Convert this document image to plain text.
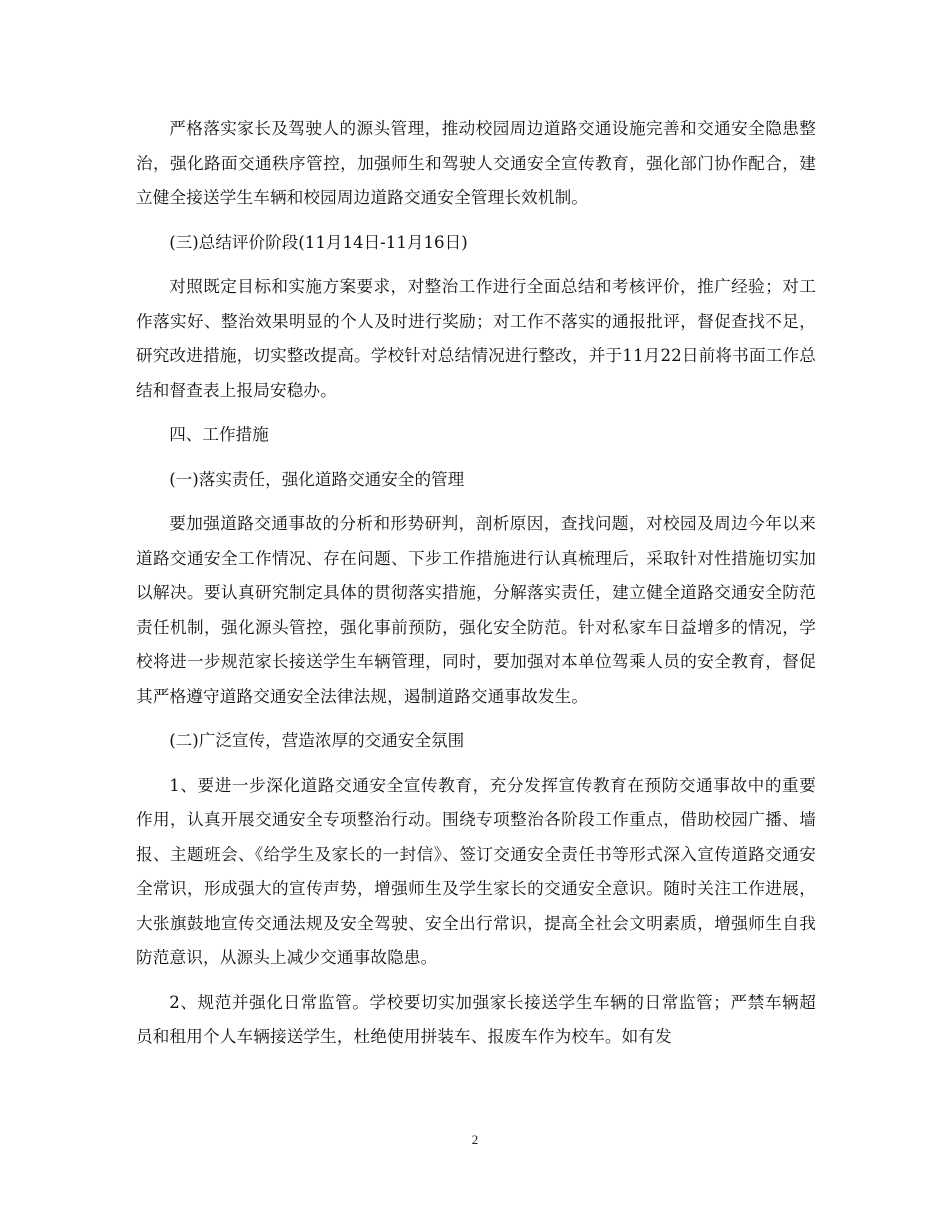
严格落实家长及驾驶人的源头管理，推动校园周边道路交通设施完善和交通安全隐患整治，强化路面交通秩序管控，加强师生和驾驶人交通安全宣传教育，强化部门协作配合，建立健全接送学生车辆和校园周边道路交通安全管理长效机制。

(三)总结评价阶段(11月14日-11月16日)

对照既定目标和实施方案要求，对整治工作进行全面总结和考核评价，推广经验；对工作落实好、整治效果明显的个人及时进行奖励；对工作不落实的通报批评，督促查找不足，研究改进措施，切实整改提高。学校针对总结情况进行整改，并于11月22日前将书面工作总结和督查表上报局安稳办。

四、工作措施

(一)落实责任，强化道路交通安全的管理

要加强道路交通事故的分析和形势研判，剖析原因，查找问题，对校园及周边今年以来道路交通安全工作情况、存在问题、下步工作措施进行认真梳理后，采取针对性措施切实加以解决。要认真研究制定具体的贯彻落实措施，分解落实责任，建立健全道路交通安全防范责任机制，强化源头管控，强化事前预防，强化安全防范。针对私家车日益增多的情况，学校将进一步规范家长接送学生车辆管理，同时，要加强对本单位驾乘人员的安全教育，督促其严格遵守道路交通安全法律法规，遏制道路交通事故发生。

(二)广泛宣传，营造浓厚的交通安全氛围

1、要进一步深化道路交通安全宣传教育，充分发挥宣传教育在预防交通事故中的重要作用，认真开展交通安全专项整治行动。围绕专项整治各阶段工作重点，借助校园广播、墙报、主题班会、《给学生及家长的一封信》、签订交通安全责任书等形式深入宣传道路交通安全常识，形成强大的宣传声势，增强师生及学生家长的交通安全意识。随时关注工作进展，大张旗鼓地宣传交通法规及安全驾驶、安全出行常识，提高全社会文明素质，增强师生自我防范意识，从源头上减少交通事故隐患。

2、规范并强化日常监管。学校要切实加强家长接送学生车辆的日常监管；严禁车辆超员和租用个人车辆接送学生，杜绝使用拼装车、报废车作为校车。如有发

2
